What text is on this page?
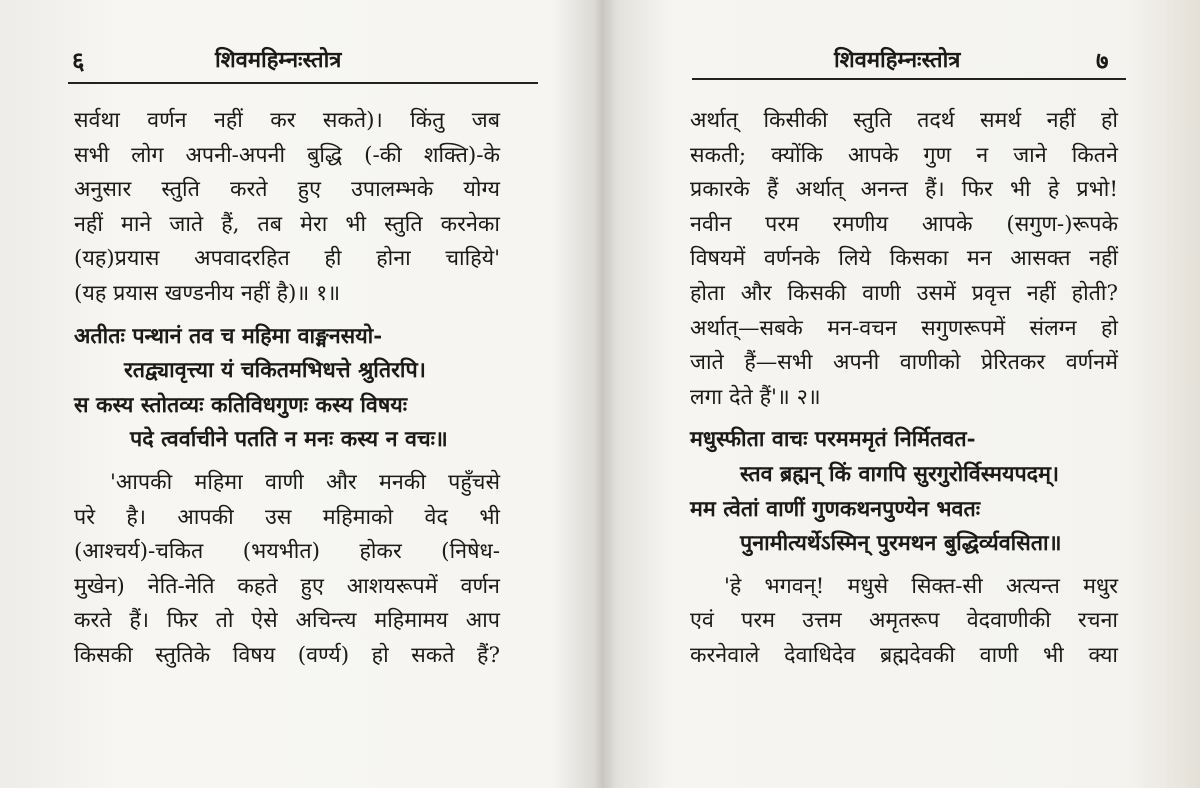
६	शिवमहिम्नःस्तोत्र
सर्वथा वर्णन नहीं कर सकते)। किंतु जब
सभी लोग अपनी-अपनी बुद्धि (-की शक्ति)-के
अनुसार स्तुति करते हुए उपालम्भके योग्य
नहीं माने जाते हैं, तब मेरा भी स्तुति करनेका
(यह)प्रयास अपवादरहित ही होना चाहिये'
(यह प्रयास खण्डनीय नहीं है)॥ १॥
अतीतः पन्थानं तव च महिमा वाङ्मनसयो-
रतद्व्यावृत्त्या यं चकितमभिधत्ते श्रुतिरपि।
स कस्य स्तोतव्यः कतिविधगुणः कस्य विषयः
पदे त्वर्वाचीने पतति न मनः कस्य न वचः॥
'आपकी महिमा वाणी और मनकी पहुँचसे
परे है। आपकी उस महिमाको वेद भी
(आश्चर्य)-चकित (भयभीत) होकर (निषेध-
मुखेन) नेति-नेति कहते हुए आशयरूपमें वर्णन
करते हैं। फिर तो ऐसे अचिन्त्य महिमामय आप
किसकी स्तुतिके विषय (वर्ण्य) हो सकते हैं?
शिवमहिम्नःस्तोत्र	७
अर्थात् किसीकी स्तुति तदर्थ समर्थ नहीं हो
सकती; क्योंकि आपके गुण न जाने कितने
प्रकारके हैं अर्थात् अनन्त हैं। फिर भी हे प्रभो!
नवीन परम रमणीय आपके (सगुण-)रूपके
विषयमें वर्णनके लिये किसका मन आसक्त नहीं
होता और किसकी वाणी उसमें प्रवृत्त नहीं होती?
अर्थात्—सबके मन-वचन सगुणरूपमें संलग्न हो
जाते हैं—सभी अपनी वाणीको प्रेरितकर वर्णनमें
लगा देते हैं'॥ २॥
मधुस्फीता वाचः परमममृतं निर्मितवत-
स्तव ब्रह्मन् किं वागपि सुरगुरोर्विस्मयपदम्।
मम त्वेतां वाणीं गुणकथनपुण्येन भवतः
पुनामीत्यर्थेऽस्मिन् पुरमथन बुद्धिर्व्यवसिता॥
'हे भगवन्! मधुसे सिक्त-सी अत्यन्त मधुर
एवं परम उत्तम अमृतरूप वेदवाणीकी रचना
करनेवाले देवाधिदेव ब्रह्मदेवकी वाणी भी क्या
